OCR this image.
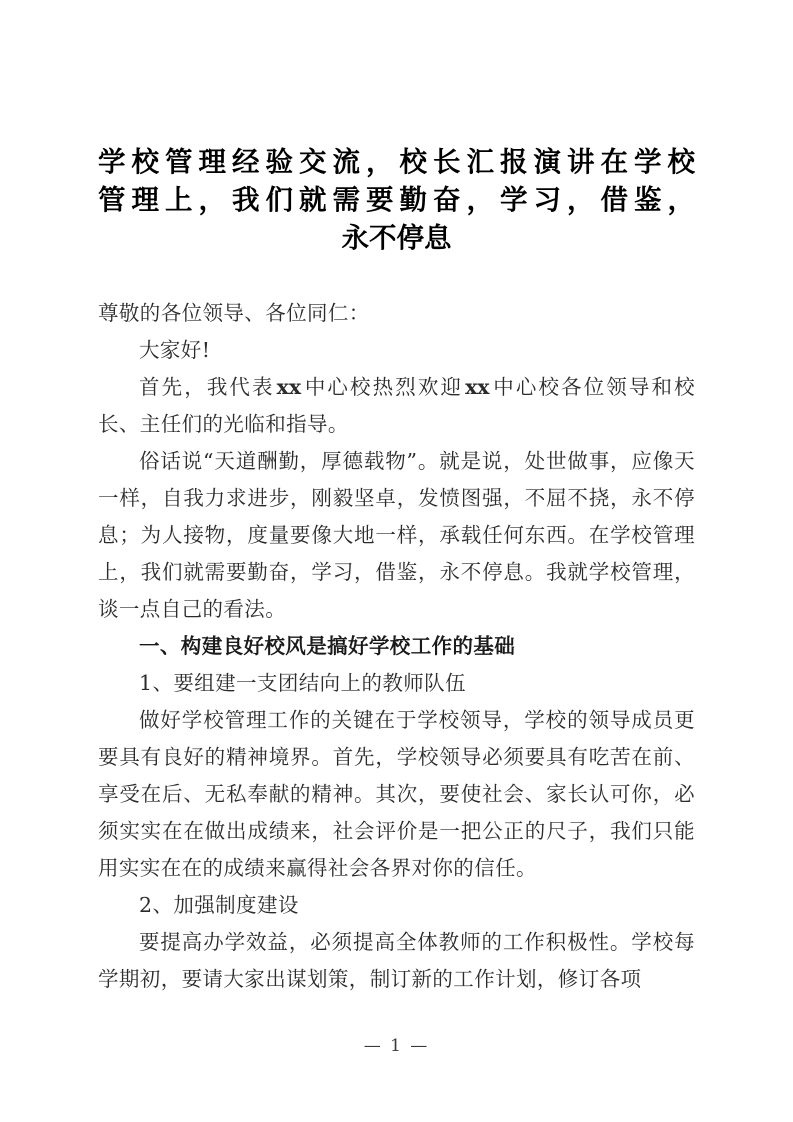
学校管理经验交流，校长汇报演讲在学校
管理上，我们就需要勤奋，学习，借鉴，
永不停息

尊敬的各位领导、各位同仁：

大家好!

首先，我代表xx中心校热烈欢迎xx中心校各位领导和校长、主任们的光临和指导。

俗话说“天道酬勤，厚德载物”。就是说，处世做事，应像天一样，自我力求进步，刚毅坚卓，发愤图强，不屈不挠，永不停息；为人接物，度量要像大地一样，承载任何东西。在学校管理上，我们就需要勤奋，学习，借鉴，永不停息。我就学校管理，谈一点自己的看法。

一、构建良好校风是搞好学校工作的基础

1、要组建一支团结向上的教师队伍

做好学校管理工作的关键在于学校领导，学校的领导成员更要具有良好的精神境界。首先，学校领导必须要具有吃苦在前、享受在后、无私奉献的精神。其次，要使社会、家长认可你，必须实实在在做出成绩来，社会评价是一把公正的尺子，我们只能用实实在在的成绩来赢得社会各界对你的信任。

2、加强制度建设

要提高办学效益，必须提高全体教师的工作积极性。学校每学期初，要请大家出谋划策，制订新的工作计划，修订各项

— 1 —
